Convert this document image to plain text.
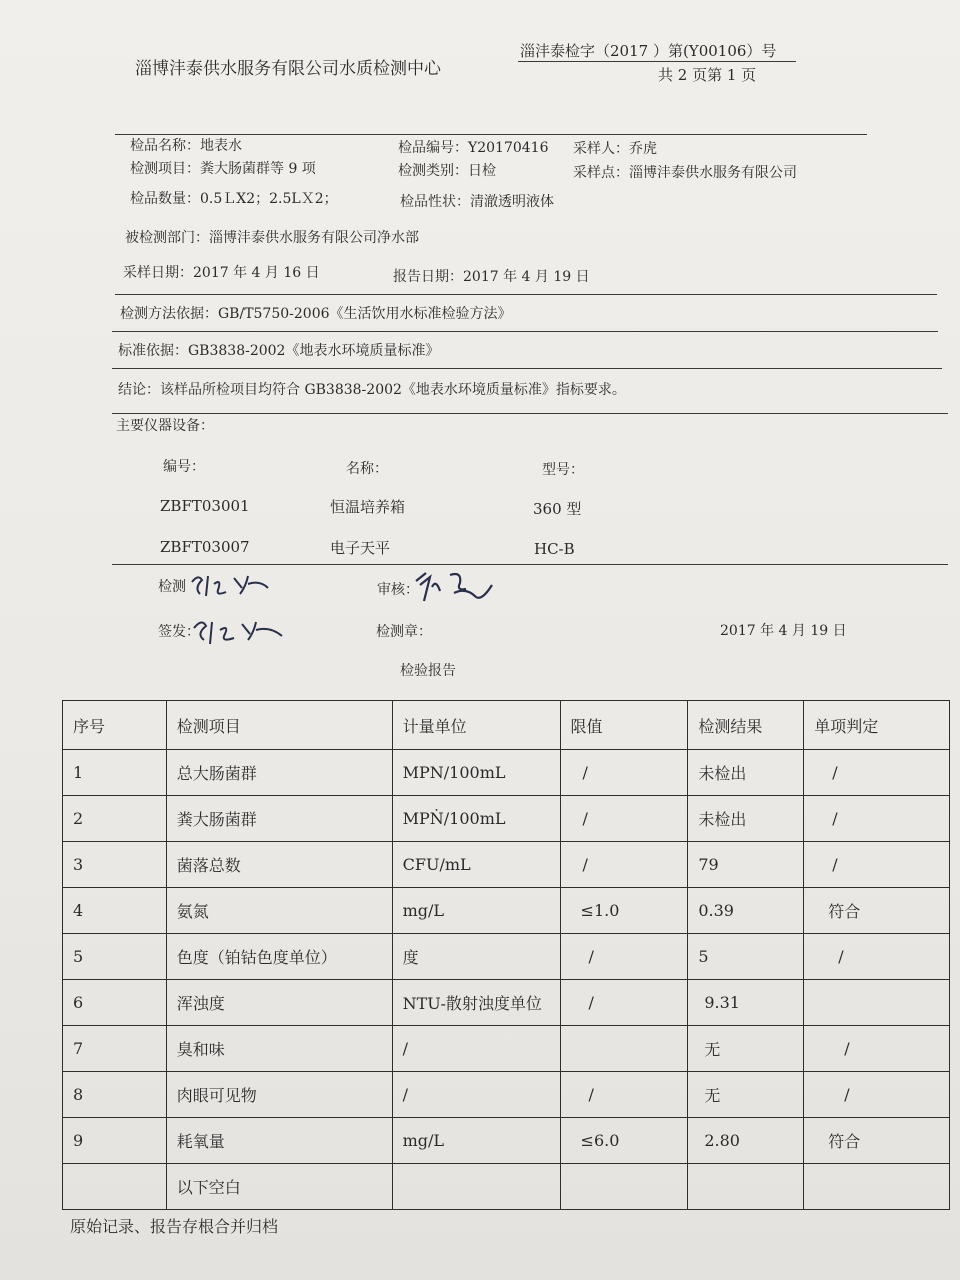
淄沣泰检字（2017 ）第(Y00106）号
淄博沣泰供水服务有限公司水质检测中心	共 2 页第 1 页
检品名称：地表水	检品编号：Y20170416 采样人：乔虎
检测项目：粪大肠菌群等 9 项	检测类别：日检	采样点：淄博沣泰供水服务有限公司
检品数量：0.5ＬX2；2.5LＸ2；	检品性状：清澈透明液体
被检测部门：淄博沣泰供水服务有限公司净水部
采样日期：2017 年 4 月 16 日	报告日期：2017 年 4 月 19 日
检测方法依据：GB/T5750-2006《生活饮用水标准检验方法》
标准依据：GB3838-2002《地表水环境质量标准》
结论：该样品所检项目均符合 GB3838-2002《地表水环境质量标准》指标要求。
主要仪器设备：
编号：	名称：	型号：
ZBFT03001	恒温培养箱	360 型
ZBFT03007	电子天平	HC-B
检测	审核：
签发：	检测章：	2017 年 4 月 19 日
检验报告
序号	检测项目	计量单位	限值	检测结果	单项判定
1	总大肠菌群	MPN/100mL	/	未检出	/
2	粪大肠菌群	MPṄ/100mL	/	未检出	/
3	菌落总数	CFU/mL	/	79	/
4	氨氮	mg/L	≤1.0	0.39	符合
5	色度（铂钴色度单位）	度	/	5	/
6	浑浊度	NTU-散射浊度单位	/	9.31	
7	臭和味	/		无	/
8	肉眼可见物	/	/	无	/
9	耗氧量	mg/L	≤6.0	2.80	符合
	以下空白				
原始记录、报告存根合并归档
